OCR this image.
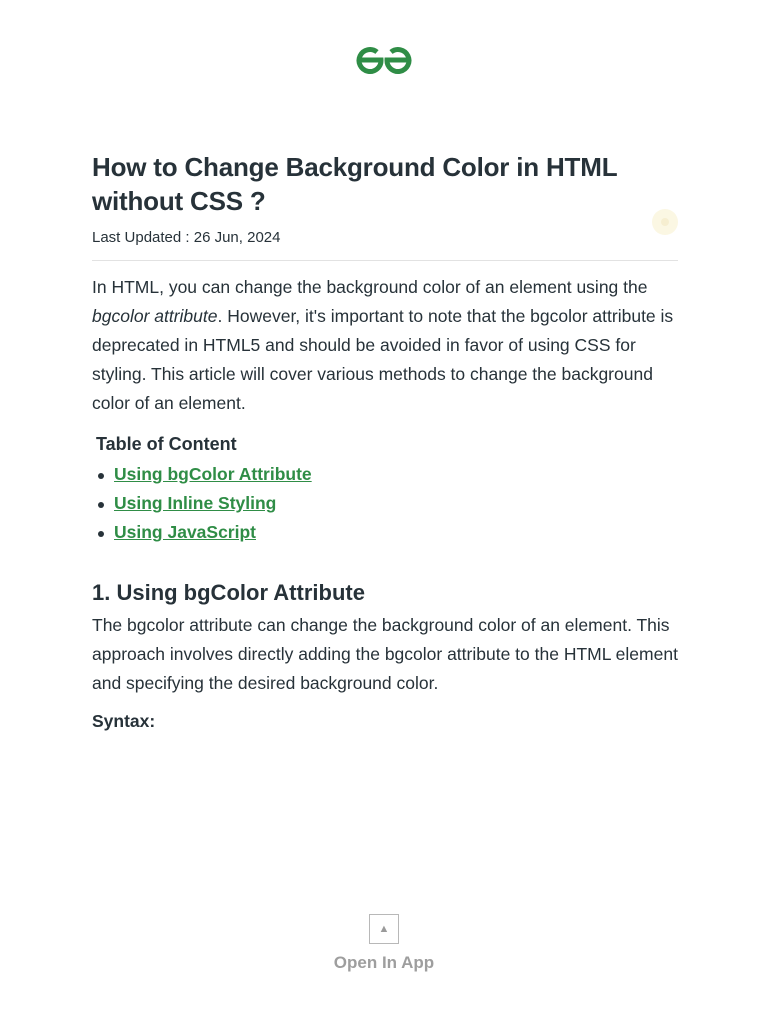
How to Change Background Color in HTML without CSS ?
Last Updated : 26 Jun, 2024

In HTML, you can change the background color of an element using the bgcolor attribute. However, it's important to note that the bgcolor attribute is deprecated in HTML5 and should be avoided in favor of using CSS for styling. This article will cover various methods to change the background color of an element.

Table of Content
Using bgColor Attribute
Using Inline Styling
Using JavaScript
1. Using bgColor Attribute

The bgcolor attribute can change the background color of an element. This approach involves directly adding the bgcolor attribute to the HTML element and specifying the desired background color.

Syntax:
▲
Open In App
